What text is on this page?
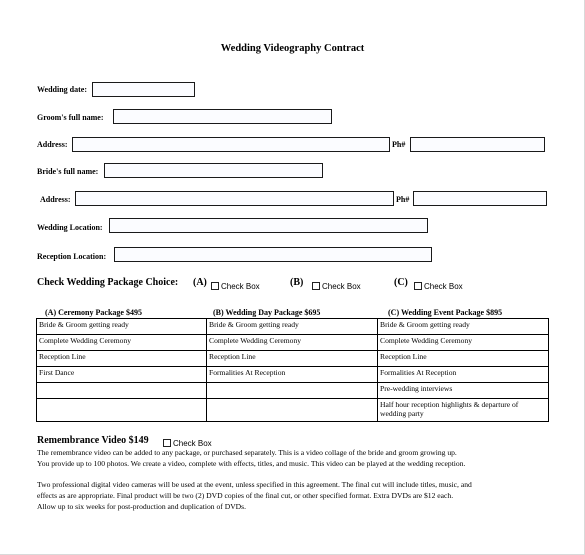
Wedding Videography Contract
Wedding date:
Groom's full name:
Address:	Ph#
Bride's full name:
Address:	Ph#
Wedding Location:
Reception Location:
Check Wedding Package Choice: (A)	Check Box	(B)	Check Box	(C)	Check Box
(A) Ceremony Package $495	(B) Wedding Day Package $695	(C) Wedding Event Package $895
Bride & Groom getting ready	Bride & Groom getting ready	Bride & Groom getting ready
Complete Wedding Ceremony	Complete Wedding Ceremony	Complete Wedding Ceremony
Reception Line	Reception Line	Reception Line
First Dance	Formalities At Reception	Formalities At Reception
		Pre-wedding interviews
		Half hour reception highlights & departure of wedding party
Remembrance Video $149	Check Box
The remembrance video can be added to any package, or purchased separately. This is a video collage of the bride and groom growing up.
You provide up to 100 photos. We create a video, complete with effects, titles, and music. This video can be played at the wedding reception.
Two professional digital video cameras will be used at the event, unless specified in this agreement. The final cut will include titles, music, and
effects as are appropriate. Final product will be two (2) DVD copies of the final cut, or other specified format. Extra DVDs are $12 each.
Allow up to six weeks for post-production and duplication of DVDs.
